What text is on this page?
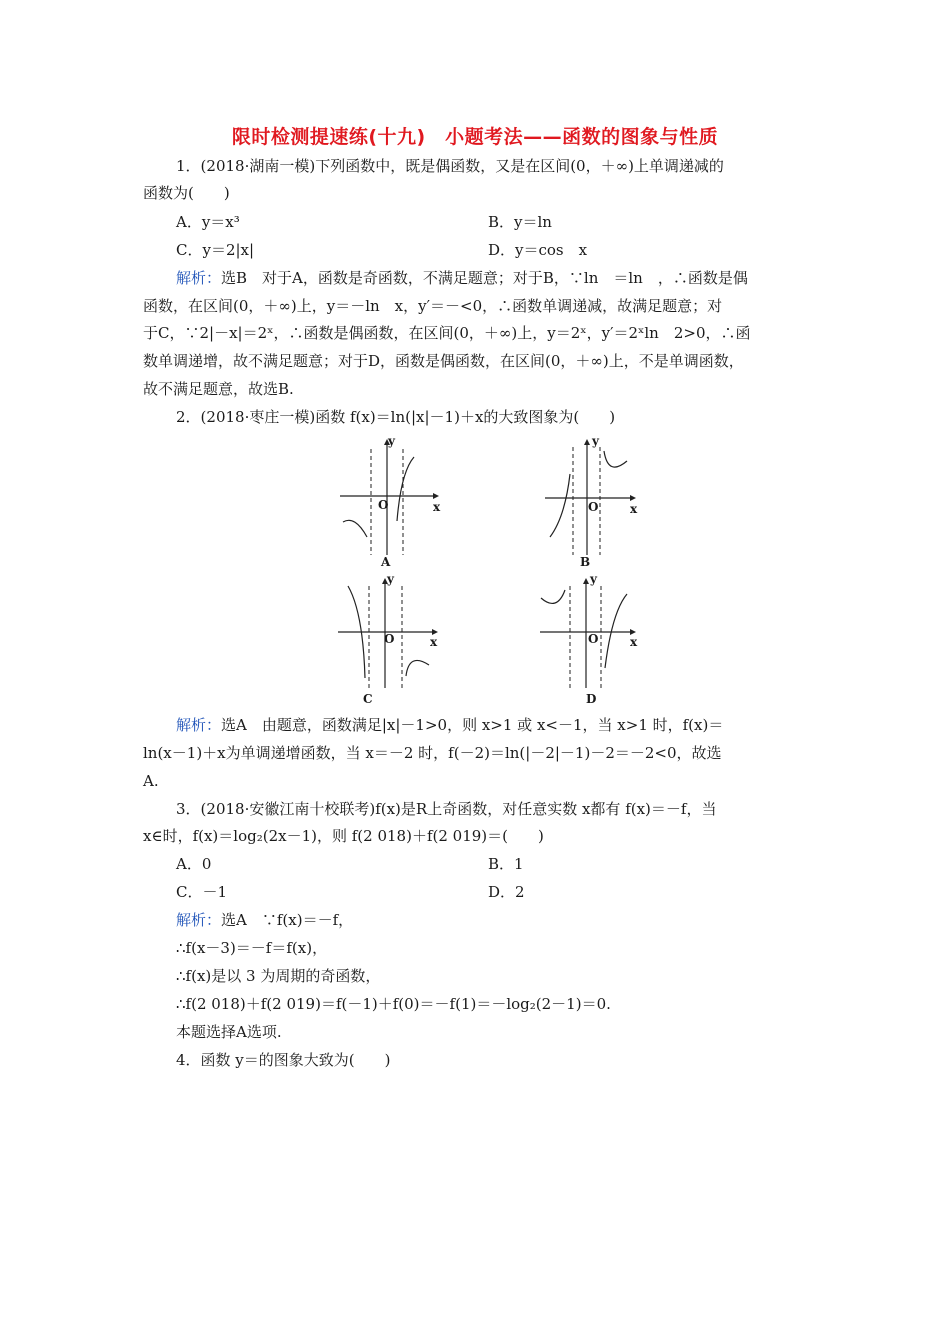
限时检测提速练(十九)　小题考法——函数的图象与性质
1．(2018·湖南一模)下列函数中，既是偶函数，又是在区间(0，＋∞)上单调递减的
函数为(　　)
A．y＝x³	B．y＝ln
C．y＝2|x|	D．y＝cos　x
解析：选B　对于A，函数是奇函数，不满足题意；对于B，∵ln　＝ln　，∴函数是偶
函数，在区间(0，＋∞)上，y＝－ln　x，y′＝－<0，∴函数单调递减，故满足题意；对
于C，∵2|－x|＝2ˣ，∴函数是偶函数，在区间(0，＋∞)上，y＝2ˣ，y′＝2ˣln　2>0，∴函
数单调递增，故不满足题意；对于D，函数是偶函数，在区间(0，＋∞)上，不是单调函数，
故不满足题意，故选B.
2．(2018·枣庄一模)函数 f(x)＝ln(|x|－1)＋x的大致图象为(　　)
y
x
O
A
y
x
O
B
y
x
O
C
y
x
O
D
解析：选A　由题意，函数满足|x|－1>0，则 x>1 或 x<－1，当 x>1 时，f(x)＝
ln(x－1)＋x为单调递增函数，当 x＝－2 时，f(－2)＝ln(|－2|－1)－2＝－2<0，故选
A.
3．(2018·安徽江南十校联考)f(x)是R上奇函数，对任意实数 x都有 f(x)＝－f，当
x∈时，f(x)＝log₂(2x－1)，则 f(2 018)＋f(2 019)＝(　　)
A．0	B．1
C．－1	D．2
解析：选A　∵f(x)＝－f，
∴f(x－3)＝－f＝f(x)，
∴f(x)是以 3 为周期的奇函数，
∴f(2 018)＋f(2 019)＝f(－1)＋f(0)＝－f(1)＝－log₂(2－1)＝0.
本题选择A选项.
4．函数 y＝的图象大致为(　　)
